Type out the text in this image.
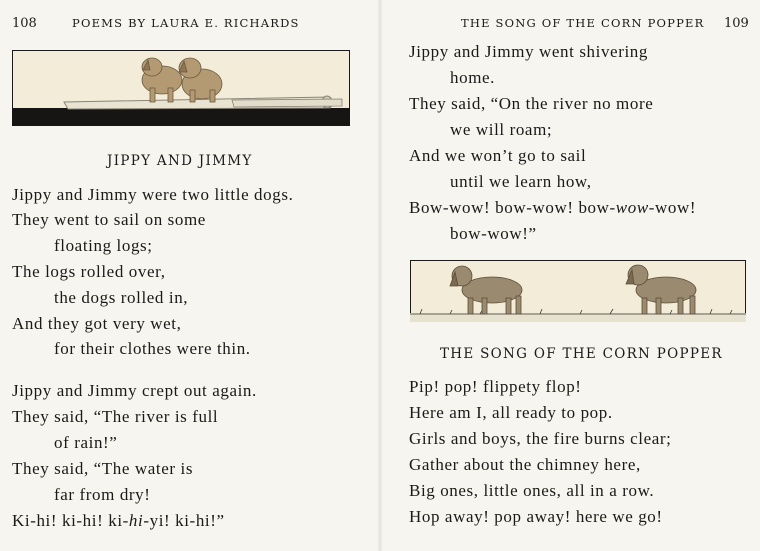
108	POEMS BY LAURA E. RICHARDS
JIPPY AND JIMMY
Jippy and Jimmy were two little dogs.
They went to sail on some
floating logs;
The logs rolled over,
the dogs rolled in,
And they got very wet,
for their clothes were thin.
Jippy and Jimmy crept out again.
They said, “The river is full
of rain!”
They said, “The water is
far from dry!
Ki-hi! ki-hi! ki-hi-yi! ki-hi!”
THE SONG OF THE CORN POPPER 109
Jippy and Jimmy went shivering
home.
They said, “On the river no more
we will roam;
And we won’t go to sail
until we learn how,
Bow-wow! bow-wow! bow-wow-wow!
bow-wow!”
THE SONG OF THE CORN POPPER
Pip! pop! flippety flop!
Here am I, all ready to pop.
Girls and boys, the fire burns clear;
Gather about the chimney here,
Big ones, little ones, all in a row.
Hop away! pop away! here we go!
